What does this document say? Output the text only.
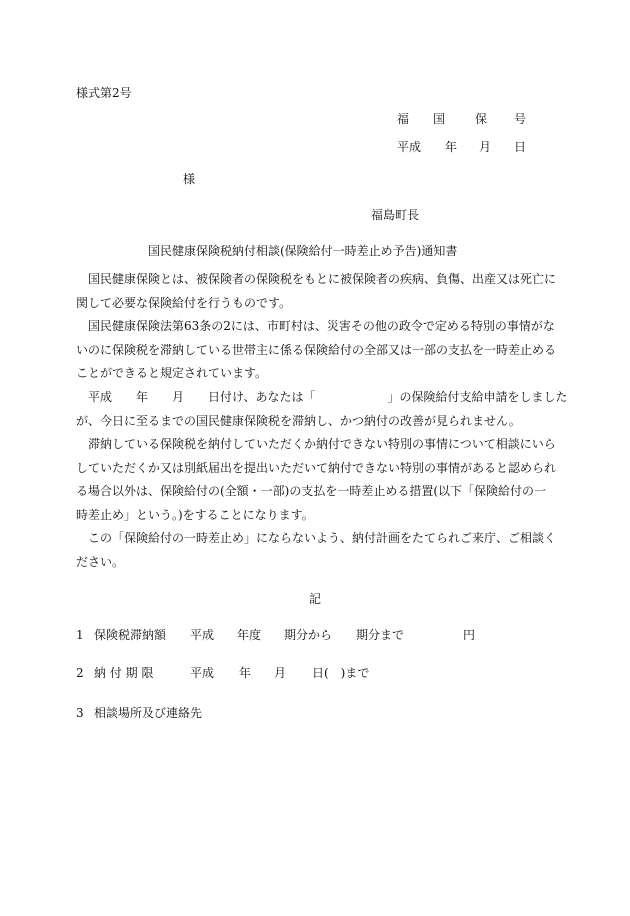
様式第2号
福 国 保 号
平成 年 月 日
様
福島町長
国民健康保険税納付相談(保険給付一時差止め予告)通知書
　国民健康保険とは、被保険者の保険税をもとに被保険者の疾病、負傷、出産又は死亡に
関して必要な保険給付を行うものです。
　国民健康保険法第63条の2には、市町村は、災害その他の政令で定める特別の事情がな
いのに保険税を滞納している世帯主に係る保険給付の全部又は一部の支払を一時差止める
ことができると規定されています。
　平成　　年　　月　　日付け、あなたは「　　　　　　」の保険給付支給申請をしました
が、今日に至るまでの国民健康保険税を滞納し、かつ納付の改善が見られません。
　滞納している保険税を納付していただくか納付できない特別の事情について相談にいら
していただくか又は別紙届出を提出いただいて納付できない特別の事情があると認められ
る場合以外は、保険給付の(全額・一部)の支払を一時差止める措置(以下「保険給付の一
時差止め」という。)をすることになります。
　この「保険給付の一時差止め」にならないよう、納付計画をたてられご来庁、ご相談く
ださい。
記
1 保険税滞納額 平成 年度 期分から 期分まで	円
2 納 付 期 限	平成 年 月 日(　)まで
3 相談場所及び連絡先
